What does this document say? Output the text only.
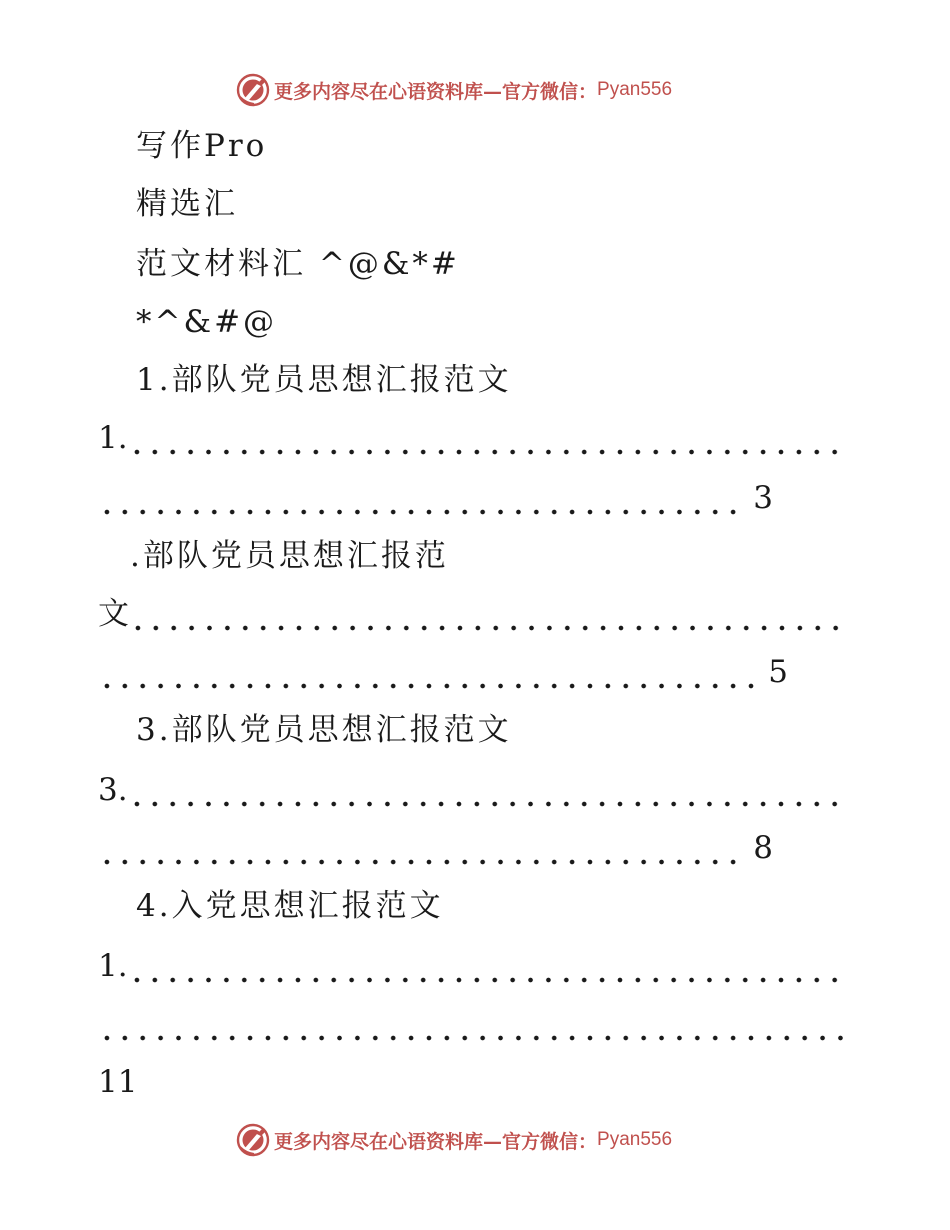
更多内容尽在心语资料库—官方微信： Pyan556
写作Pro
精选汇
范文材料汇 ^@&*#
*^&#@
1.部队党员思想汇报范文
1.
3
.部队党员思想汇报范
文
5
3.部队党员思想汇报范文
3.
8
4.入党思想汇报范文
1.
11
更多内容尽在心语资料库—官方微信： Pyan556
